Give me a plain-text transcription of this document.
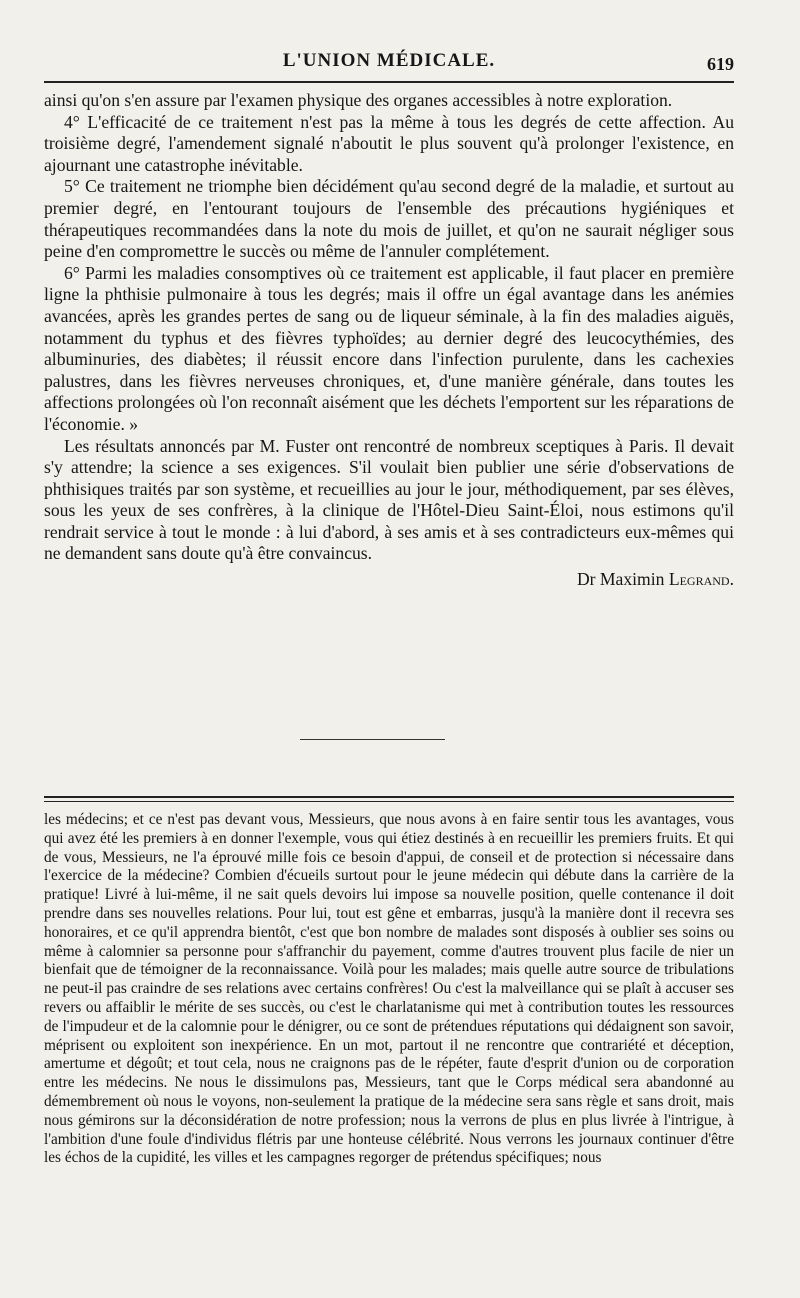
L'UNION MÉDICALE.	619

ainsi qu'on s'en assure par l'examen physique des organes accessibles à notre exploration.

4° L'efficacité de ce traitement n'est pas la même à tous les degrés de cette affection. Au troisième degré, l'amendement signalé n'aboutit le plus souvent qu'à prolonger l'existence, en ajournant une catastrophe inévitable.

5° Ce traitement ne triomphe bien décidément qu'au second degré de la maladie, et surtout au premier degré, en l'entourant toujours de l'ensemble des précautions hygiéniques et thérapeutiques recommandées dans la note du mois de juillet, et qu'on ne saurait négliger sous peine d'en compromettre le succès ou même de l'annuler complétement.

6° Parmi les maladies consomptives où ce traitement est applicable, il faut placer en première ligne la phthisie pulmonaire à tous les degrés; mais il offre un égal avantage dans les anémies avancées, après les grandes pertes de sang ou de liqueur séminale, à la fin des maladies aiguës, notamment du typhus et des fièvres typhoïdes; au dernier degré des leucocythémies, des albuminuries, des diabètes; il réussit encore dans l'infection purulente, dans les cachexies palustres, dans les fièvres nerveuses chroniques, et, d'une manière générale, dans toutes les affections prolongées où l'on reconnaît aisément que les déchets l'emportent sur les réparations de l'économie. »

Les résultats annoncés par M. Fuster ont rencontré de nombreux sceptiques à Paris. Il devait s'y attendre; la science a ses exigences. S'il voulait bien publier une série d'observations de phthisiques traités par son système, et recueillies au jour le jour, méthodiquement, par ses élèves, sous les yeux de ses confrères, à la clinique de l'Hôtel-Dieu Saint-Éloi, nous estimons qu'il rendrait service à tout le monde : à lui d'abord, à ses amis et à ses contradicteurs eux-mêmes qui ne demandent sans doute qu'à être convaincus.

Dr Maximin Legrand.

les médecins; et ce n'est pas devant vous, Messieurs, que nous avons à en faire sentir tous les avantages, vous qui avez été les premiers à en donner l'exemple, vous qui étiez destinés à en recueillir les premiers fruits. Et qui de vous, Messieurs, ne l'a éprouvé mille fois ce besoin d'appui, de conseil et de protection si nécessaire dans l'exercice de la médecine? Combien d'écueils surtout pour le jeune médecin qui débute dans la carrière de la pratique! Livré à lui-même, il ne sait quels devoirs lui impose sa nouvelle position, quelle contenance il doit prendre dans ses nouvelles relations. Pour lui, tout est gêne et embarras, jusqu'à la manière dont il recevra ses honoraires, et ce qu'il apprendra bientôt, c'est que bon nombre de malades sont disposés à oublier ses soins ou même à calomnier sa personne pour s'affranchir du payement, comme d'autres trouvent plus facile de nier un bienfait que de témoigner de la reconnaissance. Voilà pour les malades; mais quelle autre source de tribulations ne peut-il pas craindre de ses relations avec certains confrères! Ou c'est la malveillance qui se plaît à accuser ses revers ou affaiblir le mérite de ses succès, ou c'est le charlatanisme qui met à contribution toutes les ressources de l'impudeur et de la calomnie pour le dénigrer, ou ce sont de prétendues réputations qui dédaignent son savoir, méprisent ou exploitent son inexpérience. En un mot, partout il ne rencontre que contrariété et déception, amertume et dégoût; et tout cela, nous ne craignons pas de le répéter, faute d'esprit d'union ou de corporation entre les médecins. Ne nous le dissimulons pas, Messieurs, tant que le Corps médical sera abandonné au démembrement où nous le voyons, non-seulement la pratique de la médecine sera sans règle et sans droit, mais nous gémirons sur la déconsidération de notre profession; nous la verrons de plus en plus livrée à l'intrigue, à l'ambition d'une foule d'individus flétris par une honteuse célébrité. Nous verrons les journaux continuer d'être les échos de la cupidité, les villes et les campagnes regorger de prétendus spécifiques; nous
